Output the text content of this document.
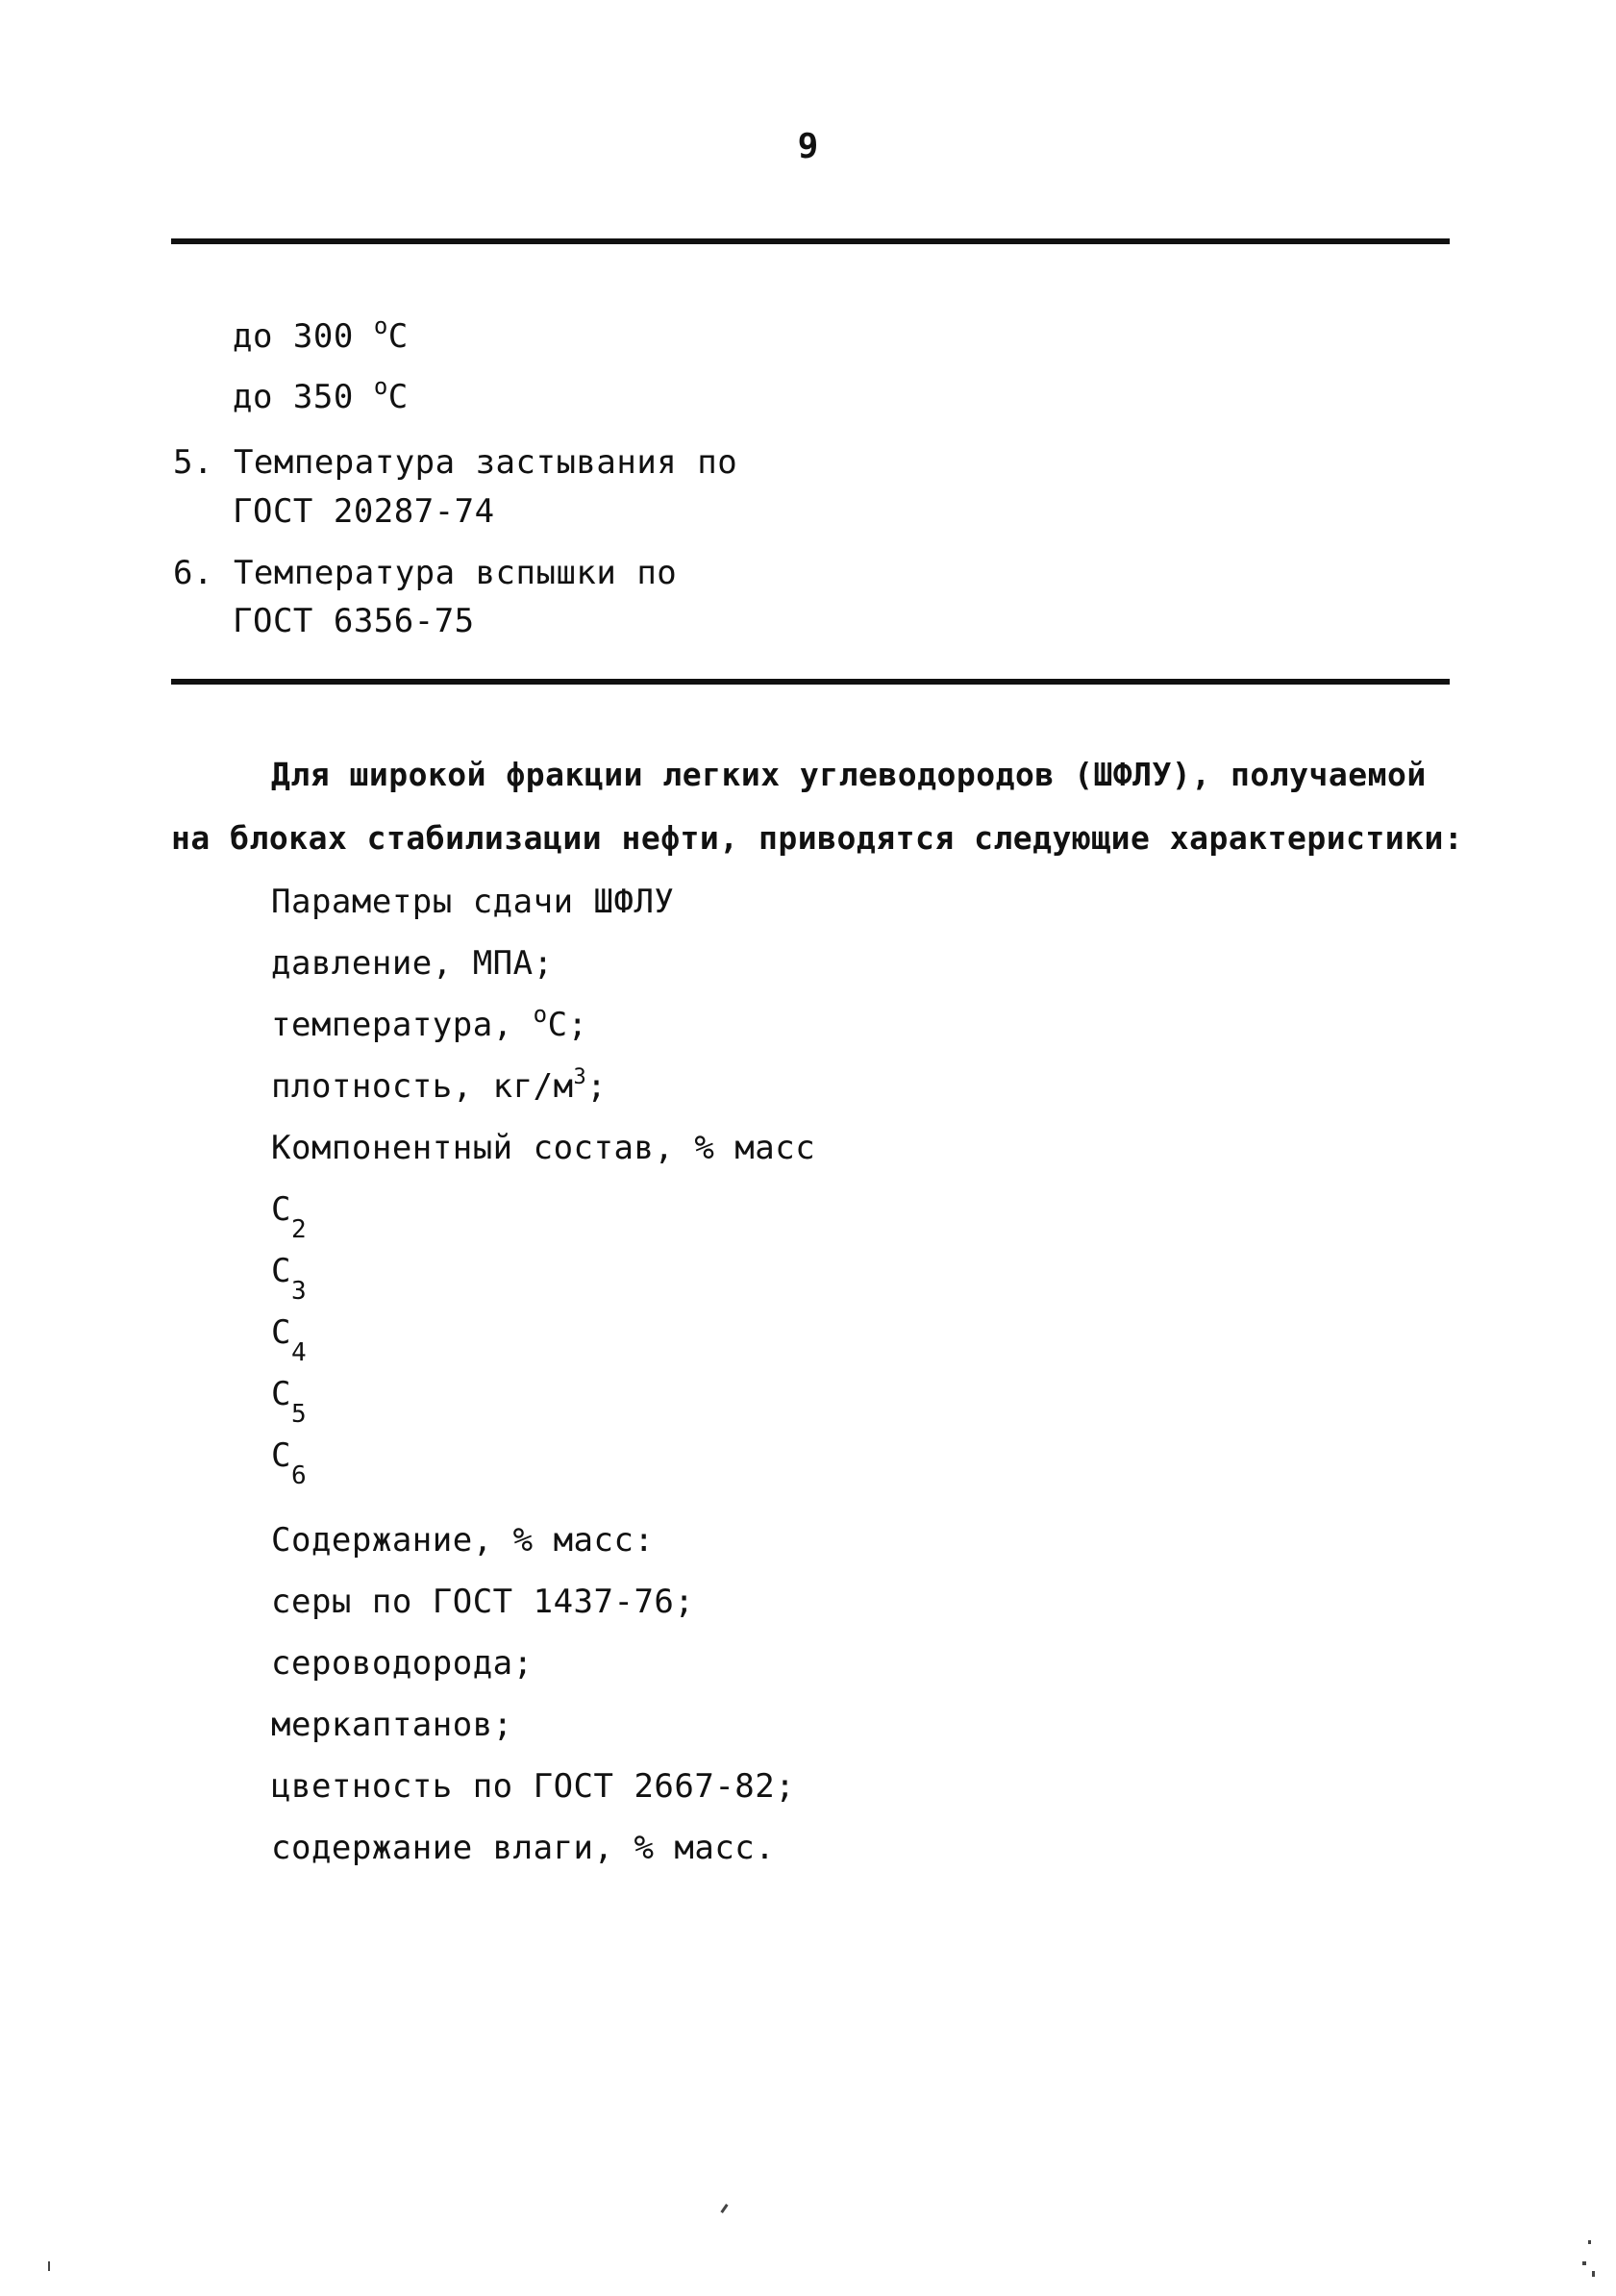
9
до 300 $^о$С
до 350 $^о$С
5. Температура застывания по
ГОСТ 20287-74
6. Температура вспышки по
ГОСТ 6356-75
Для широкой фракции легких углеводородов (ШФЛУ), получаемой
на блоках стабилизации нефти, приводятся следующие характеристики:
Параметры сдачи ШФЛУ
давление, МПА;
температура, $^о$С;
плотность, $кг/м^3$;
Компонентный состав, % масс
$С_2$
$С_3$
$С_4$
$С_5$
$С_6$
Содержание, % масс:
серы по ГОСТ 1437-76;
сероводорода;
меркаптанов;
цветность по ГОСТ 2667-82;
содержание влаги, % масс.
